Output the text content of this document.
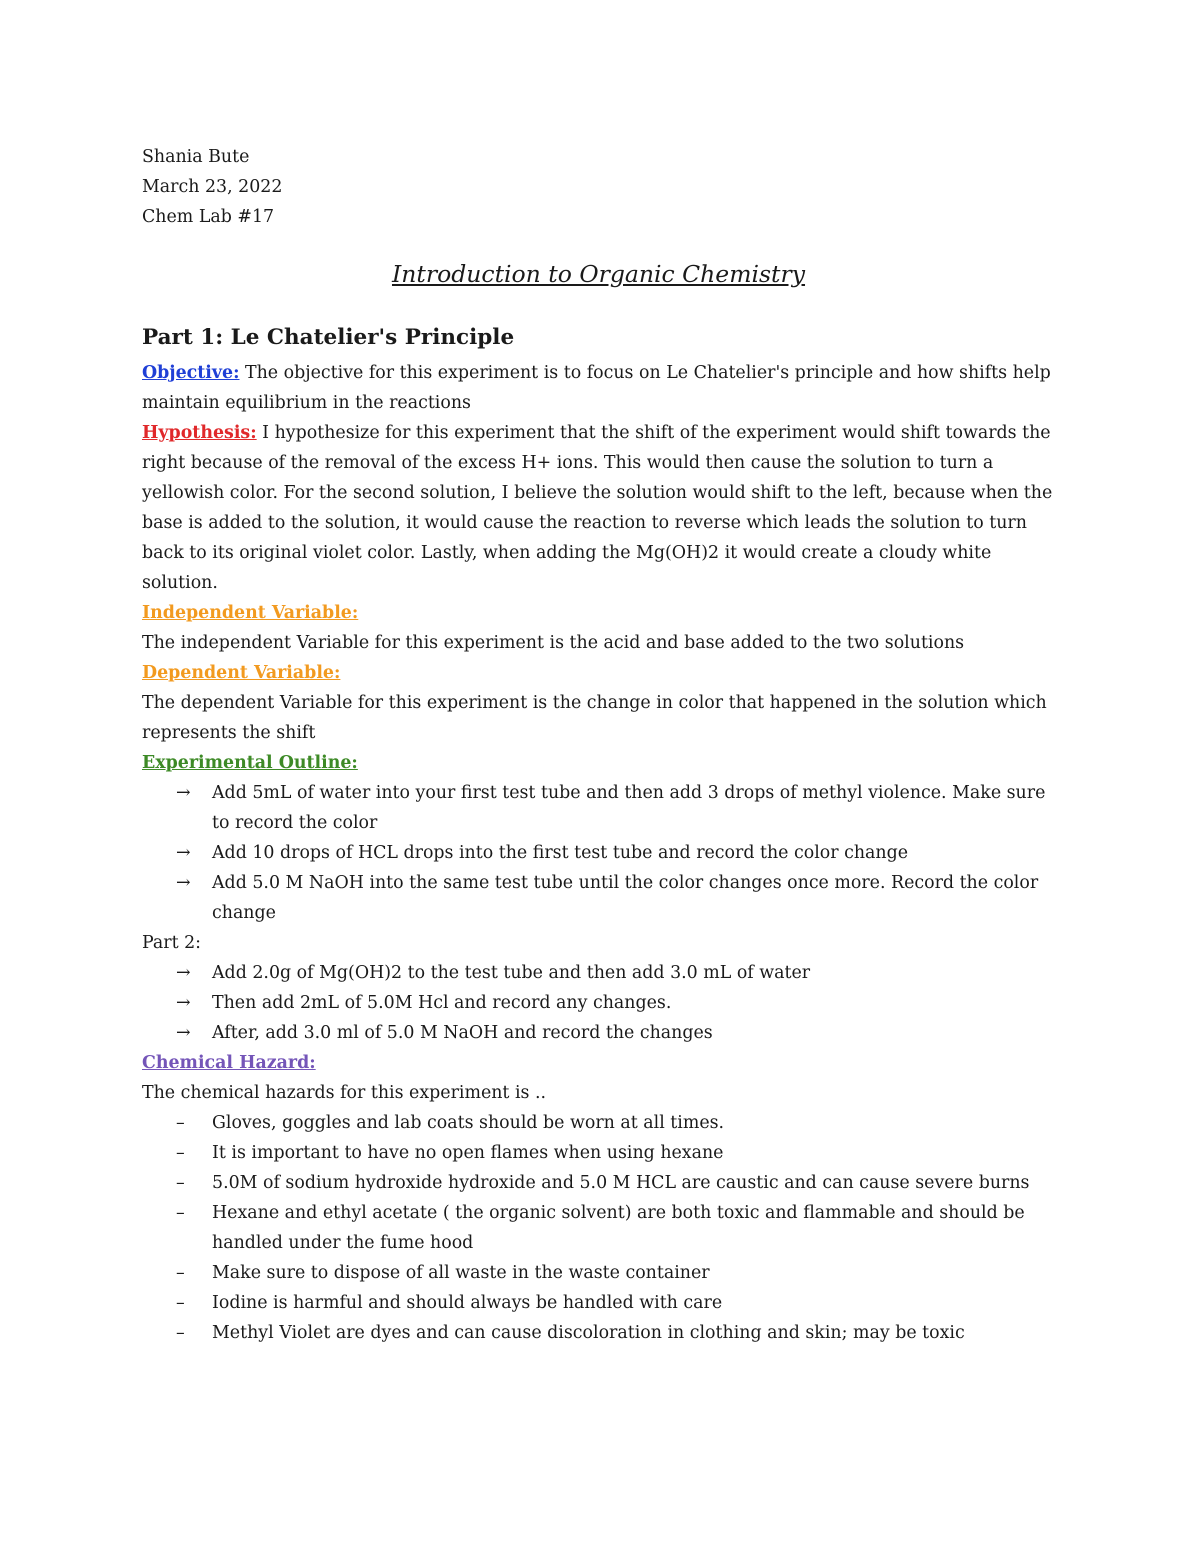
Shania Bute
March 23, 2022
Chem Lab #17
Introduction to Organic Chemistry
Part 1: Le Chatelier's Principle

Objective: The objective for this experiment is to focus on Le Chatelier's principle and how shifts help maintain equilibrium in the reactions

Hypothesis: I hypothesize for this experiment that the shift of the experiment would shift towards the right because of the removal of the excess H+ ions. This would then cause the solution to turn a yellowish color. For the second solution, I believe the solution would shift to the left, because when the base is added to the solution, it would cause the reaction to reverse which leads the solution to turn back to its original violet color. Lastly, when adding the Mg(OH)2 it would create a cloudy white solution.

Independent Variable:

The independent Variable for this experiment is the acid and base added to the two solutions

Dependent Variable:

The dependent Variable for this experiment is the change in color that happened in the solution which represents the shift

Experimental Outline:
→	Add 5mL of water into your first test tube and then add 3 drops of methyl violence. Make sure to record the color
→	Add 10 drops of HCL drops into the first test tube and record the color change
→	Add 5.0 M NaOH into the same test tube until the color changes once more. Record the color change
Part 2:
→	Add 2.0g of Mg(OH)2 to the test tube and then add 3.0 mL of water
→	Then add 2mL of 5.0M Hcl and record any changes.
→	After, add 3.0 ml of 5.0 M NaOH and record the changes
Chemical Hazard:

The chemical hazards for this experiment is ..

–	Gloves, goggles and lab coats should be worn at all times.
–	It is important to have no open flames when using hexane
–	5.0M of sodium hydroxide hydroxide and 5.0 M HCL are caustic and can cause severe burns
–	Hexane and ethyl acetate ( the organic solvent) are both toxic and flammable and should be handled under the fume hood
–	Make sure to dispose of all waste in the waste container
–	Iodine is harmful and should always be handled with care
–	Methyl Violet are dyes and can cause discoloration in clothing and skin; may be toxic
